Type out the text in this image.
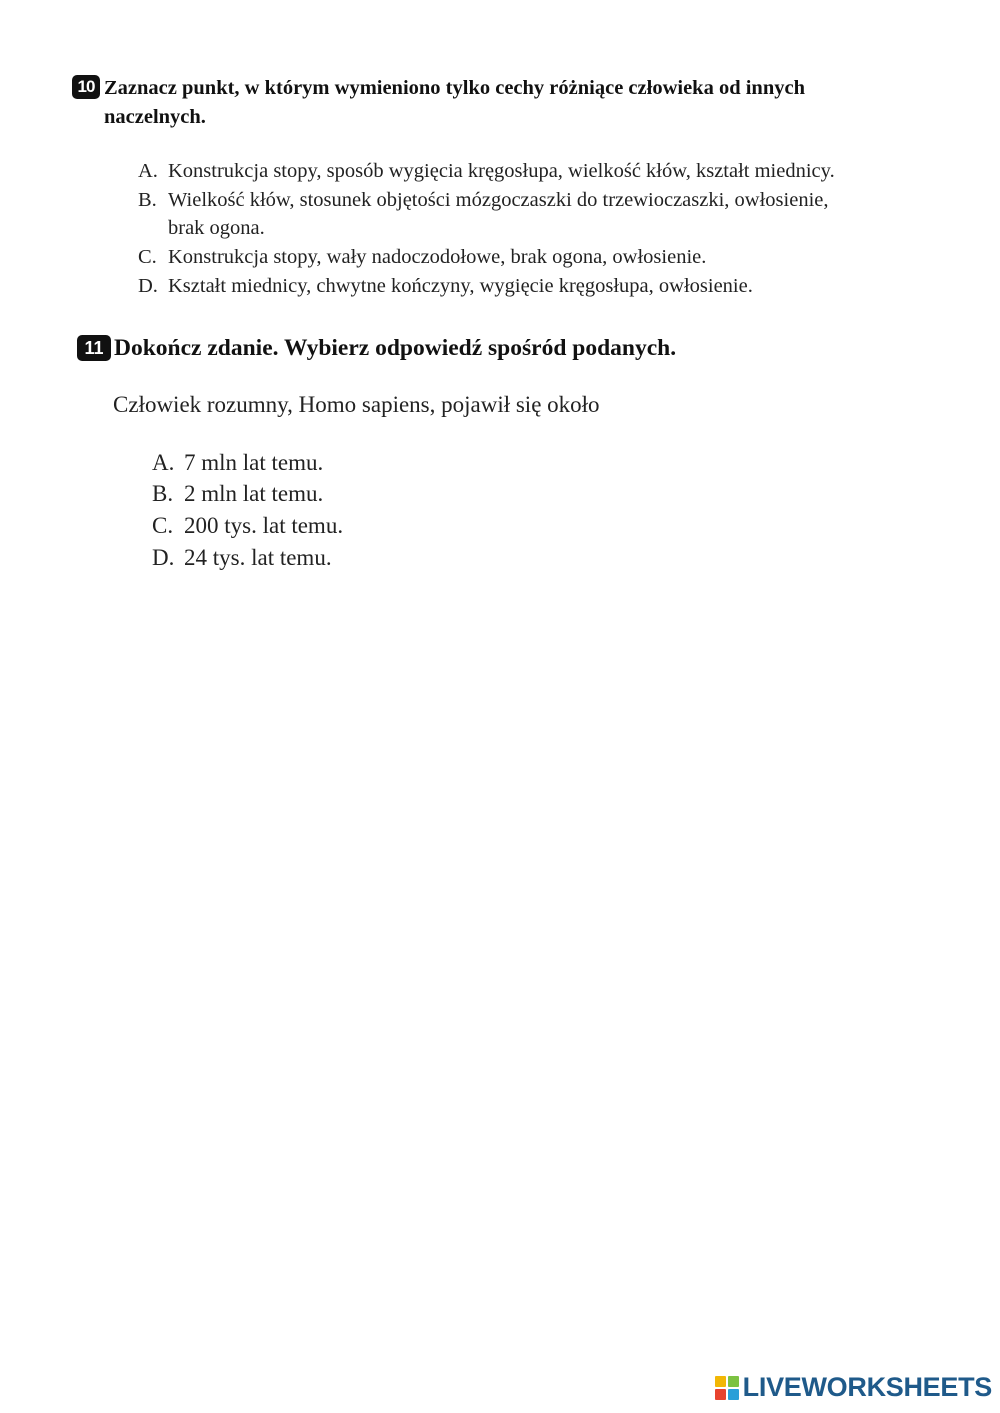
10 Zaznacz punkt, w którym wymieniono tylko cechy różniące człowieka od innych
naczelnych.
A. Konstrukcja stopy, sposób wygięcia kręgosłupa, wielkość kłów, kształt miednicy.
B. Wielkość kłów, stosunek objętości mózgoczaszki do trzewioczaszki, owłosienie,
brak ogona.
C. Konstrukcja stopy, wały nadoczodołowe, brak ogona, owłosienie.
D. Kształt miednicy, chwytne kończyny, wygięcie kręgosłupa, owłosienie.
11 Dokończ zdanie. Wybierz odpowiedź spośród podanych.
Człowiek rozumny, Homo sapiens, pojawił się około
A. 7 mln lat temu.
B. 2 mln lat temu.
C. 200 tys. lat temu.
D. 24 tys. lat temu.
LIVEWORKSHEETS
